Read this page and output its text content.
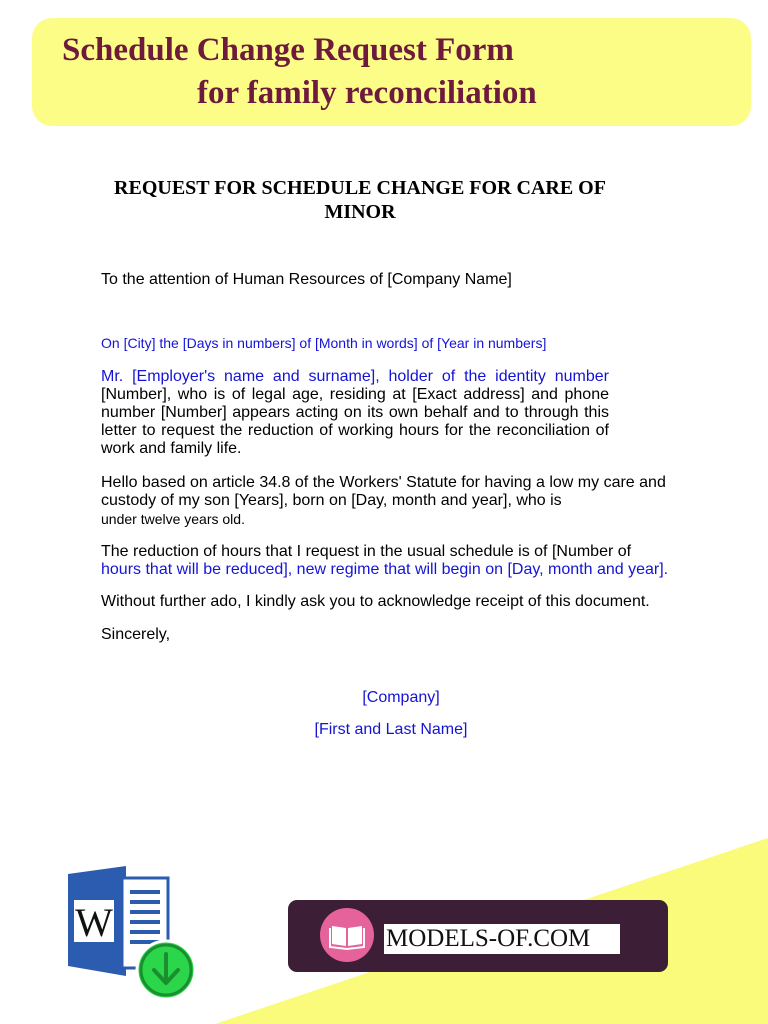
Schedule Change Request Form
for family reconciliation
REQUEST FOR SCHEDULE CHANGE FOR CARE OF MINOR
To the attention of Human Resources of [Company Name]
On [City] the [Days in numbers] of [Month in words] of [Year in numbers]
Mr. [Employer's name and surname], holder of the identity number [Number], who is of legal age, residing at [Exact address] and phone number [Number] appears acting on its own behalf and to through this letter to request the reduction of working hours for the reconciliation of work and family life.
Hello based on article 34.8 of the Workers' Statute for having a low my care and custody of my son [Years], born on [Day, month and year], who is
under twelve years old.
The reduction of hours that I request in the usual schedule is of [Number of
hours that will be reduced], new regime that will begin on [Day, month and year].
Without further ado, I kindly ask you to acknowledge receipt of this document.
Sincerely,
[Company]
[First and Last Name]
W	MODELS-OF.COM
